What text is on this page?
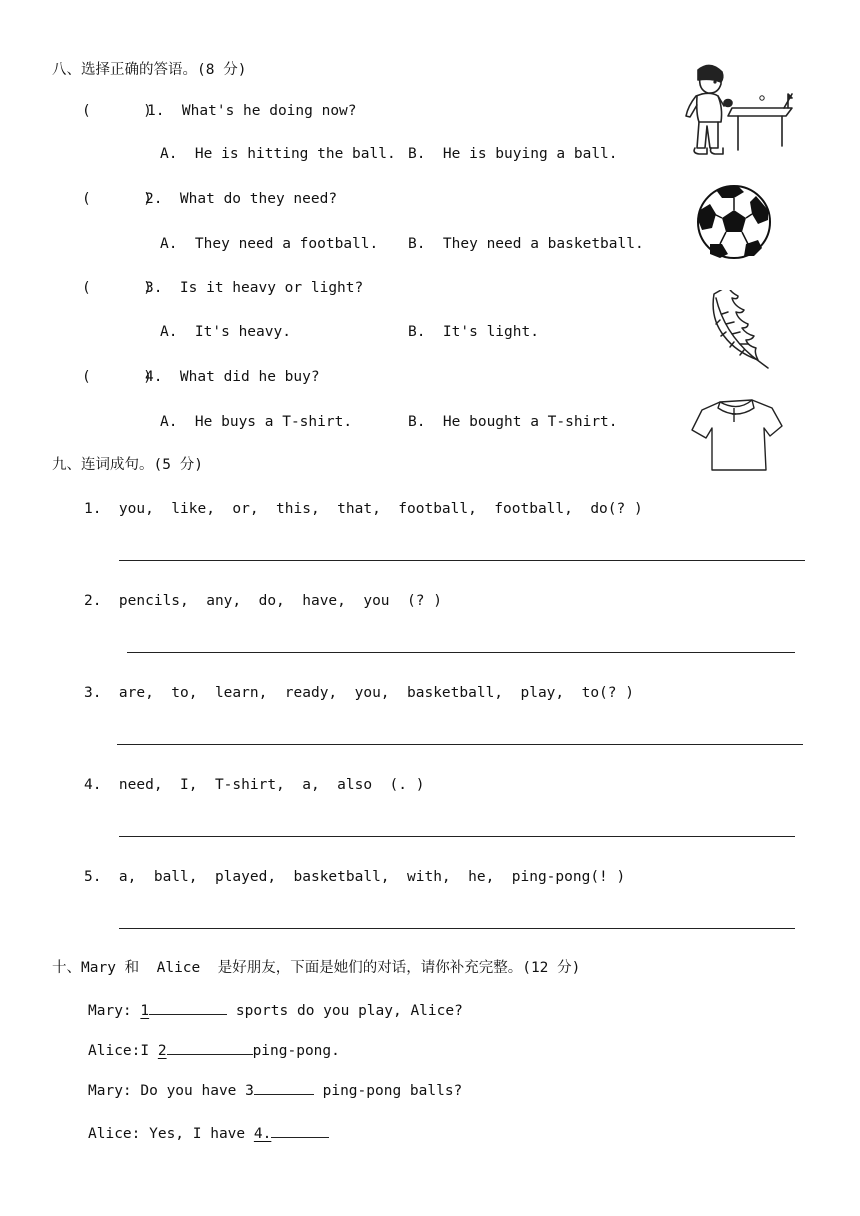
八、选择正确的答语。(8 分)
(      )
1.  What's he doing now?
A.  He is hitting the ball. B.  He is buying a ball.
(      )
2.  What do they need?
A.  They need a football. B.  They need a basketball.
(      )
3.  Is it heavy or light?
A.  It's heavy.	B.  It's light.
(      )
4.  What did he buy?
A.  He buys a T-shirt.	B.  He bought a T-shirt.
九、连词成句。(5 分)
1.  you,  like,  or,  this,  that,  football,  football,  do(? )
2.  pencils,  any,  do,  have,  you  (? )
3.  are,  to,  learn,  ready,  you,  basketball,  play,  to(? )
4.  need,  I,  T-shirt,  a,  also  (. )
5.  a,  ball,  played,  basketball,  with,  he,  ping-pong(! )
十、Mary 和  Alice  是好朋友，下面是她们的对话，请你补充完整。(12 分)
Mary: 1	sports do you play, Alice?
Alice:I 2	ping-pong.
Mary: Do you have 3	ping-pong balls?
Alice: Yes, I have 4.
